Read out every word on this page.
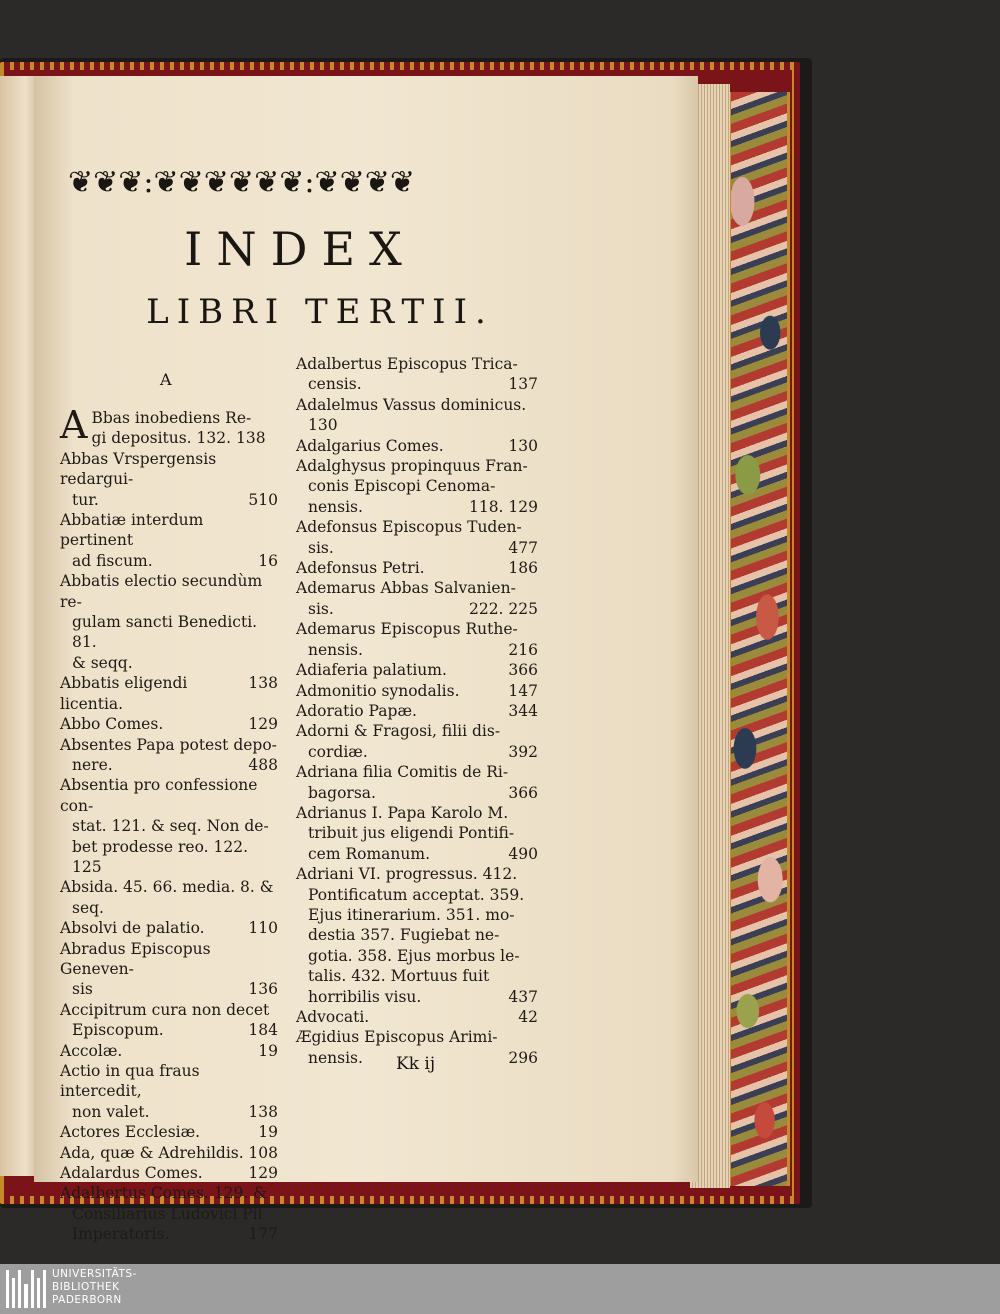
❦❦❦:❦❦❦❦❦❦:❦❦❦❦
INDEX
LIBRI TERTII.
A
A Bbas inobediens Re-
gi depositus. 132. 138
Abbas Vrspergensis redargui-
510
tur.
Abbatiæ interdum pertinent
16
ad fiscum.
Abbatis electio secundùm re-
gulam sancti Benedicti. 81.
& seqq.
138
Abbatis eligendi licentia.
129
Abbo Comes.
Absentes Papa potest depo-
488
nere.
Absentia pro confessione con-
stat. 121. & seq. Non de-
bet prodesse reo. 122. 125
Absida. 45. 66. media. 8. &
seq.
110
Absolvi de palatio.
Abradus Episcopus Geneven-
136
sis
Accipitrum cura non decet
184
Episcopum.
19
Accolæ.
Actio in qua fraus intercedit,
138
non valet.
19
Actores Ecclesiæ.
108
Ada, quæ & Adrehildis.
129
Adalardus Comes.
Adalbertus Comes. 129. &
Consiliarius Ludovici Pii
177
Imperatoris.
Adalbertus Episcopus Trica-
137
censis.
Adalelmus Vassus dominicus.
130
130
Adalgarius Comes.
Adalghysus propinquus Fran-
conis Episcopi Cenoma-
118. 129
nensis.
Adefonsus Episcopus Tuden-
477
sis.
186
Adefonsus Petri.
Ademarus Abbas Salvanien-
222. 225
sis.
Ademarus Episcopus Ruthe-
216
nensis.
366
Adiaferia palatium.
147
Admonitio synodalis.
344
Adoratio Papæ.
Adorni & Fragosi, filii dis-
392
cordiæ.
Adriana filia Comitis de Ri-
366
bagorsa.
Adrianus I. Papa Karolo M.
tribuit jus eligendi Pontifi-
490
cem Romanum.
Adriani VI. progressus. 412.
Pontificatum acceptat. 359.
Ejus itinerarium. 351. mo-
destia 357. Fugiebat ne-
gotia. 358. Ejus morbus le-
talis. 432. Mortuus fuit
437
horribilis visu.
42
Advocati.
Ægidius Episcopus Arimi-
296
nensis.	Kk ij
UNIVERSITÄTS-
BIBLIOTHEK
PADERBORN
